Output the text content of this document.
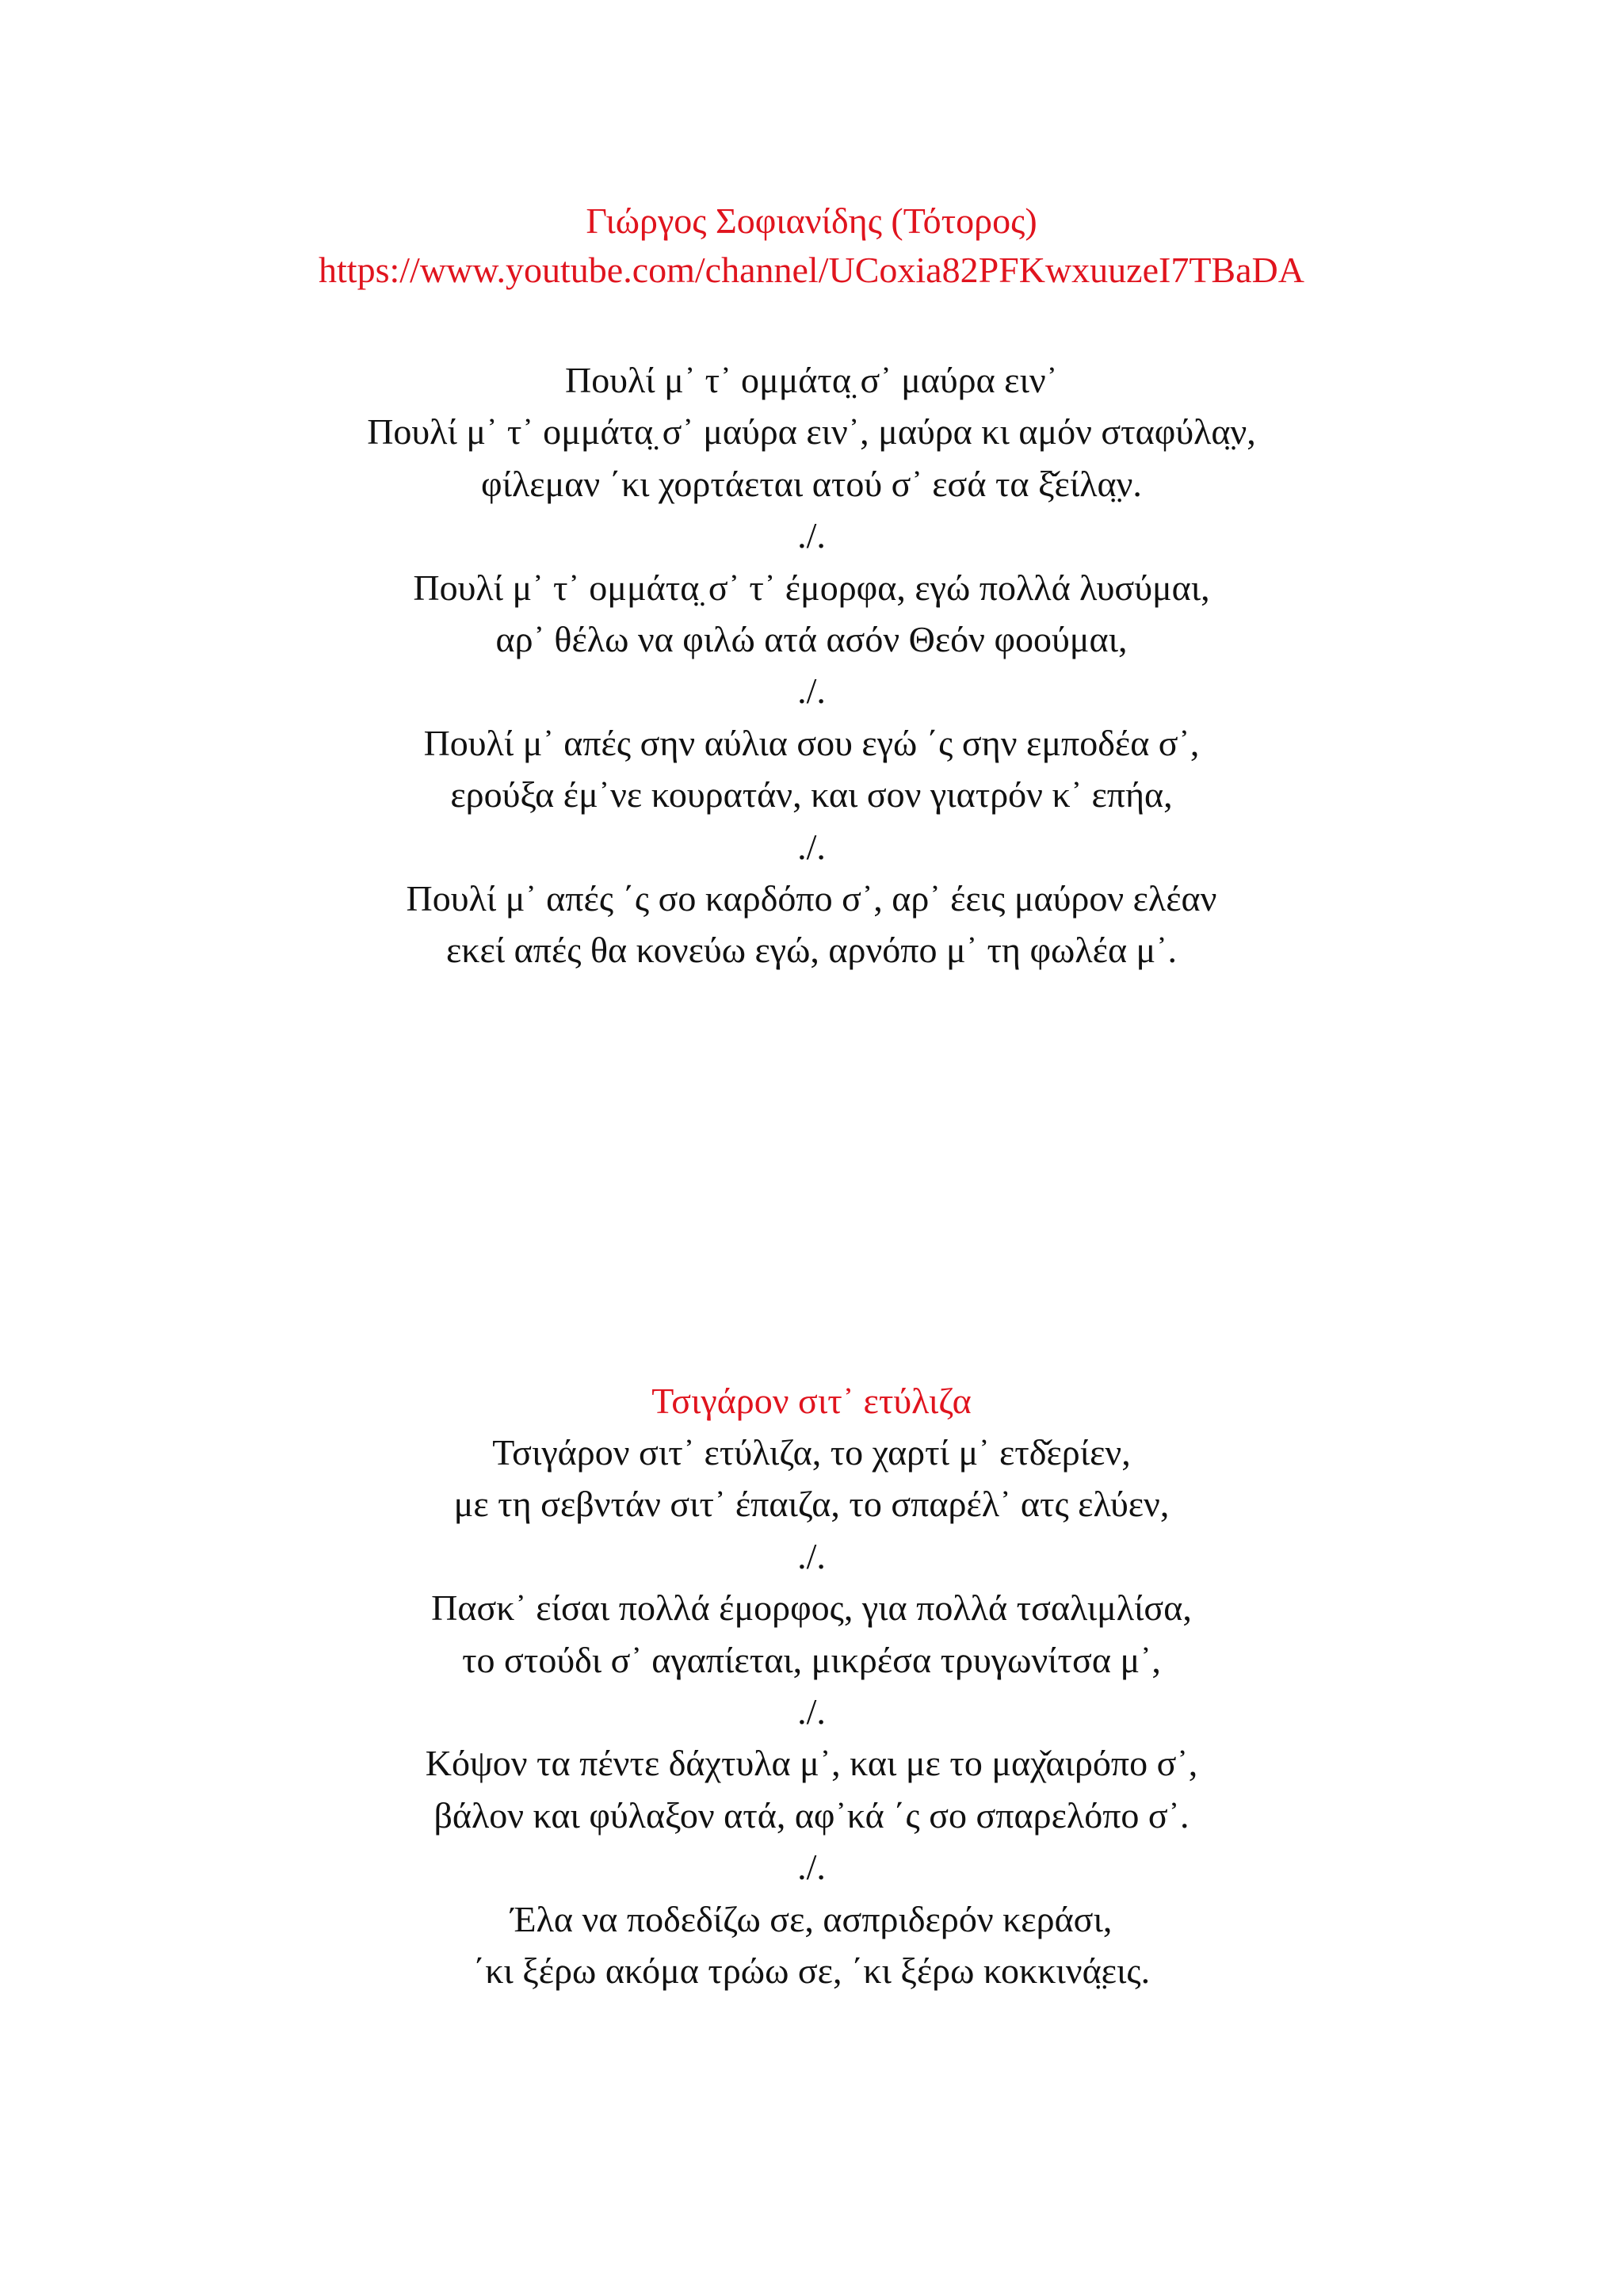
Γιώργος Σοφιανίδης (Τότορος)
https://www.youtube.com/channel/UCoxia82PFKwxuuzeI7TBaDA
Πουλί μ᾽ τ᾽ ομμάτα̤ σ᾽ μαύρα ειν᾽
Πουλί μ᾽ τ᾽ ομμάτα̤ σ᾽ μαύρα ειν᾽, μαύρα κι αμόν σταφύλα̤ν,
φίλεμαν ΄κι χορτάεται ατού σ᾽ εσά τα ξ̌είλα̤ν.
./.
Πουλί μ᾽ τ᾽ ομμάτα̤ σ᾽ τ᾽ έμορφα, εγώ πολλά λυσύμαι,
αρ᾽ θέλω να φιλώ ατά ασόν Θεόν φοούμαι,
./.
Πουλί μ᾽ απές σην αύλια σου εγώ ΄ς σην εμποδέα σ᾽,
ερούξα έμ᾽νε κουρατάν, και σον γιατρόν κ᾽ επήα,
./.
Πουλί μ᾽ απές ΄ς σο καρδόπο σ᾽, αρ᾽ έεις μαύρον ελέαν
εκεί απές θα κονεύω εγώ, αρνόπο μ᾽ τη φωλέα μ᾽.
Τσιγάρον σιτ᾽ ετύλιζα
Τσιγάρον σιτ᾽ ετύλιζα, το χαρτί μ᾽ ετδ̌ερίεν,
με τη σεβντάν σιτ᾽ έπαιζα, το σπαρέλ᾽ ατς ελύεν,
./.
Πασκ᾽ είσαι πολλά έμορφος, για πολλά τσαλιμλίσα,
το στούδι σ᾽ αγαπίεται, μικρέσα τρυγωνίτσα μ᾽,
./.
Κόψον τα πέντε δάχτυλα μ᾽, και με το μαχ̌αιρόπο σ᾽,
βάλον και φύλαξον ατά, αφ᾽κά ΄ς σο σπαρελόπο σ᾽.
./.
Έλα να ποδεδίζω σε, ασπριδερόν κεράσι,
΄κι ξέρω ακόμα τρώω σε, ΄κι ξέρω κοκκινά̤εις.
